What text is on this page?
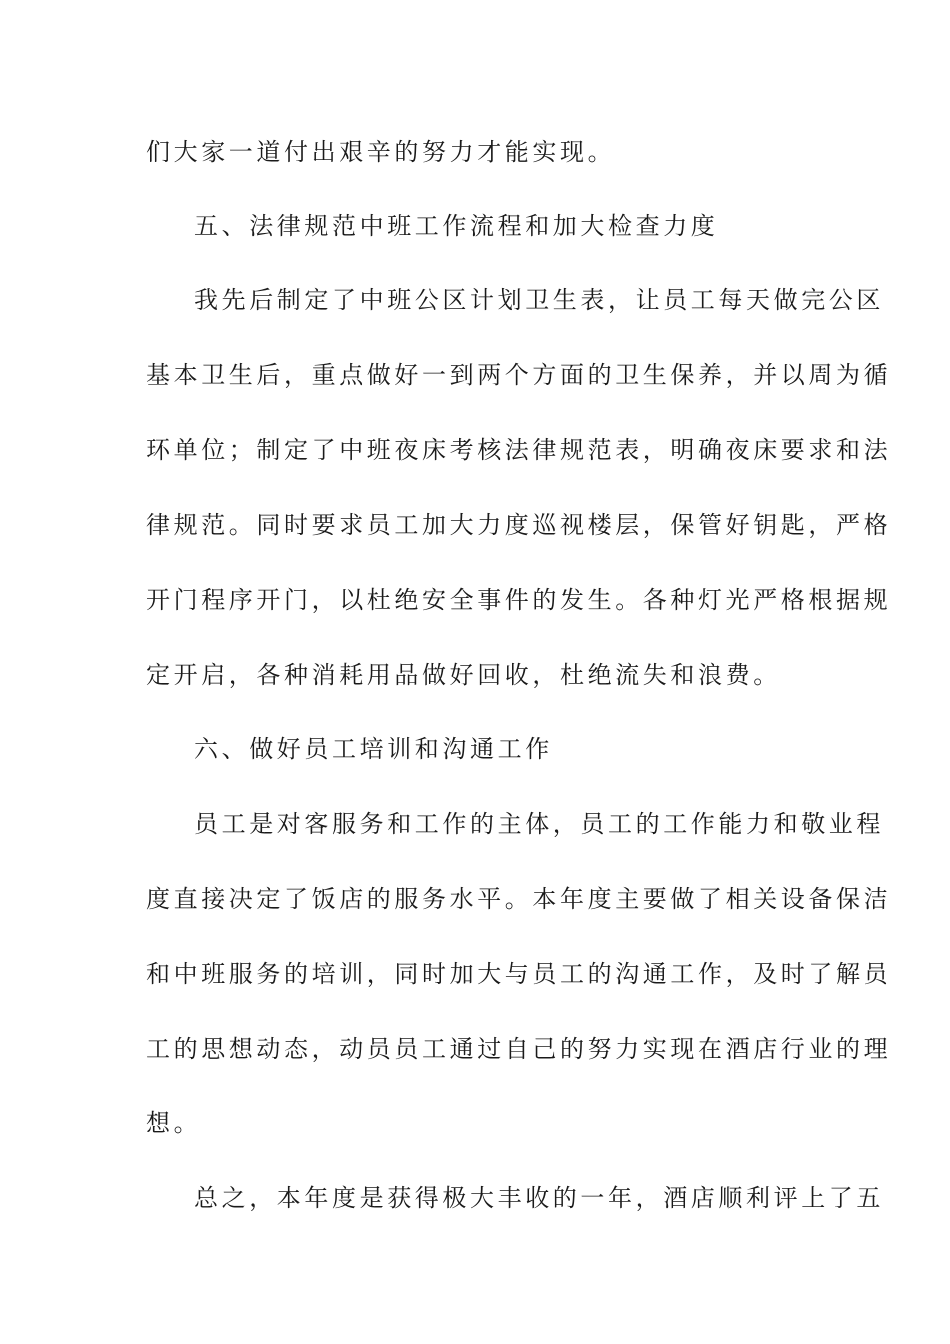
们大家一道付出艰辛的努力才能实现。
五、法律规范中班工作流程和加大检查力度
我先后制定了中班公区计划卫生表，让员工每天做完公区
基本卫生后，重点做好一到两个方面的卫生保养，并以周为循
环单位；制定了中班夜床考核法律规范表，明确夜床要求和法
律规范。同时要求员工加大力度巡视楼层，保管好钥匙，严格
开门程序开门，以杜绝安全事件的发生。各种灯光严格根据规
定开启，各种消耗用品做好回收，杜绝流失和浪费。
六、做好员工培训和沟通工作
员工是对客服务和工作的主体，员工的工作能力和敬业程
度直接决定了饭店的服务水平。本年度主要做了相关设备保洁
和中班服务的培训，同时加大与员工的沟通工作，及时了解员
工的思想动态，动员员工通过自己的努力实现在酒店行业的理
想。
总之，本年度是获得极大丰收的一年，酒店顺利评上了五
